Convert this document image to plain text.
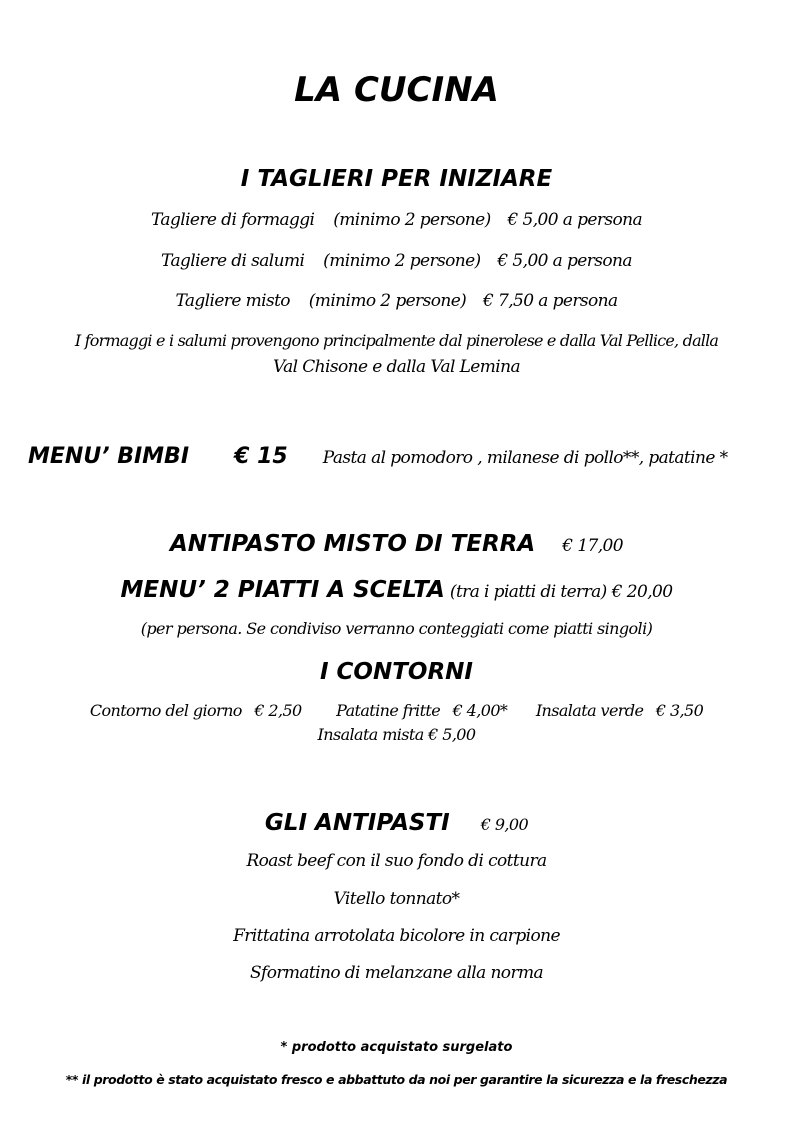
LA CUCINA
I TAGLIERI PER INIZIARE
Tagliere di formaggi (minimo 2 persone) € 5,00 a persona
Tagliere di salumi (minimo 2 persone) € 5,00 a persona
Tagliere misto (minimo 2 persone) € 7,50 a persona
I formaggi e i salumi provengono principalmente dal pinerolese e dalla Val Pellice, dalla
Val Chisone e dalla Val Lemina
MENU’ BIMBI € 15 Pasta al pomodoro , milanese di pollo**, patatine *
ANTIPASTO MISTO DI TERRA € 17,00
MENU’ 2 PIATTI A SCELTA (tra i piatti di terra) € 20,00
(per persona. Se condiviso verranno conteggiati come piatti singoli)
I CONTORNI
Contorno del giorno € 2,50 Patatine fritte € 4,00* Insalata verde € 3,50
Insalata mista € 5,00
GLI ANTIPASTI € 9,00
Roast beef con il suo fondo di cottura
Vitello tonnato*
Frittatina arrotolata bicolore in carpione
Sformatino di melanzane alla norma
* prodotto acquistato surgelato
** il prodotto è stato acquistato fresco e abbattuto da noi per garantire la sicurezza e la freschezza
